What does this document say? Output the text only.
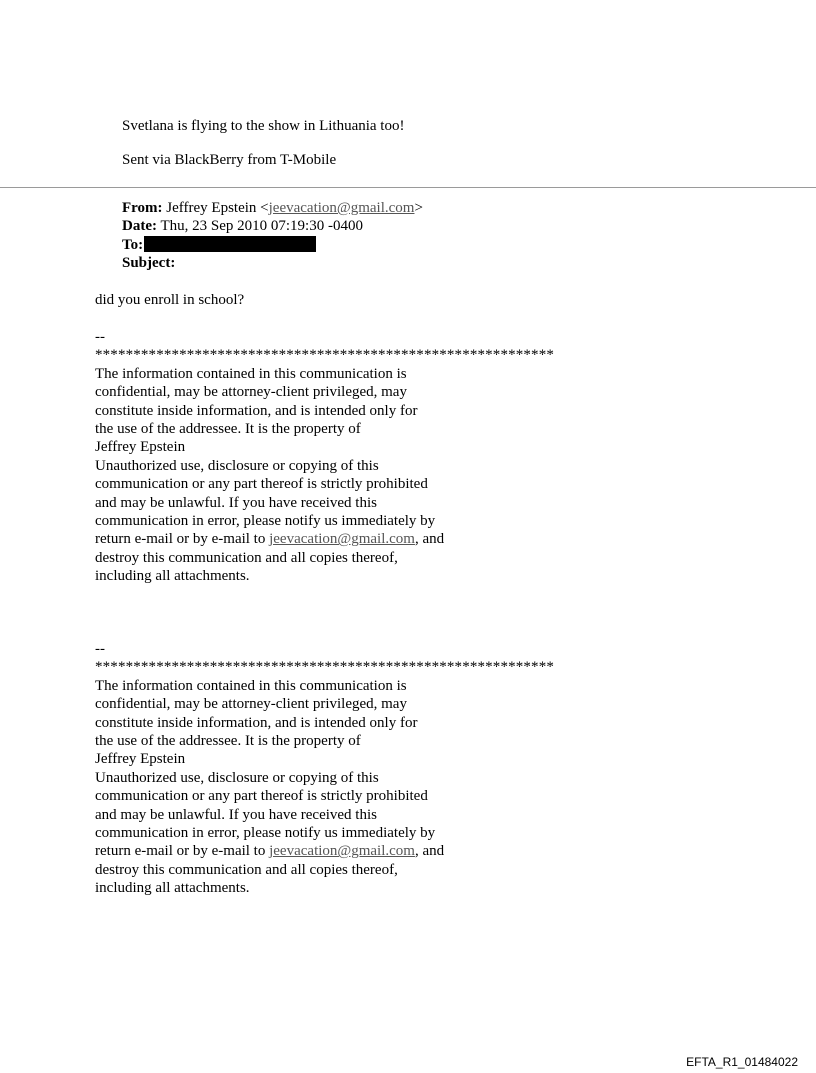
Svetlana is flying to the show in Lithuania too!
Sent via BlackBerry from T-Mobile
From: Jeffrey Epstein <jeevacation@gmail.com>
Date: Thu, 23 Sep 2010 07:19:30 -0400
To:
Subject:
did you enroll in school?
--
************************************************************
The information contained in this communication is
confidential, may be attorney-client privileged, may
constitute inside information, and is intended only for
the use of the addressee. It is the property of
Jeffrey Epstein
Unauthorized use, disclosure or copying of this
communication or any part thereof is strictly prohibited
and may be unlawful. If you have received this
communication in error, please notify us immediately by
return e-mail or by e-mail to jeevacation@gmail.com, and
destroy this communication and all copies thereof,
including all attachments.
--
************************************************************
The information contained in this communication is
confidential, may be attorney-client privileged, may
constitute inside information, and is intended only for
the use of the addressee. It is the property of
Jeffrey Epstein
Unauthorized use, disclosure or copying of this
communication or any part thereof is strictly prohibited
and may be unlawful. If you have received this
communication in error, please notify us immediately by
return e-mail or by e-mail to jeevacation@gmail.com, and
destroy this communication and all copies thereof,
including all attachments.
EFTA_R1_01484022
